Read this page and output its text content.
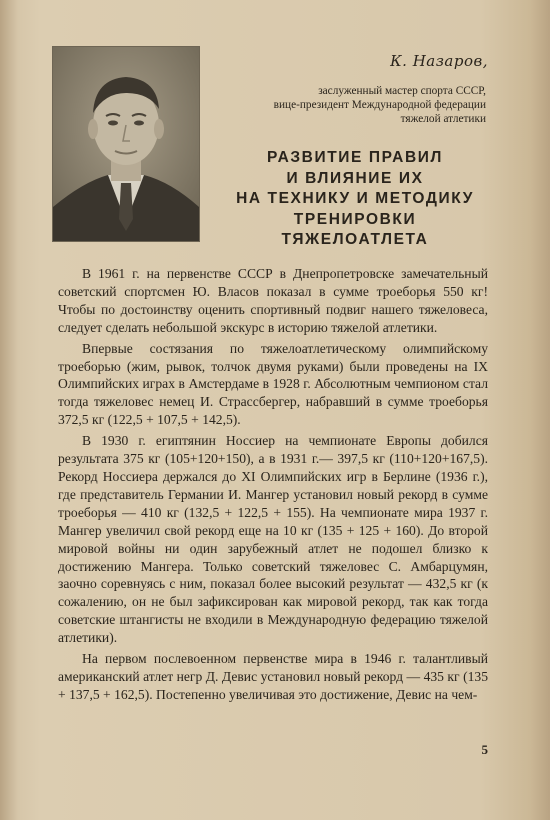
К. Назаров,
заслуженный мастер спорта СССР,
вице-президент Международной федерации
тяжелой атлетики
РАЗВИТИЕ ПРАВИЛ
И ВЛИЯНИЕ ИХ
НА ТЕХНИКУ И МЕТОДИКУ
ТРЕНИРОВКИ
ТЯЖЕЛОАТЛЕТА

В 1961 г. на первенстве СССР в Днепропетровске замечательный советский спортсмен Ю. Власов показал в сумме троеборья 550 кг! Чтобы по достоинству оценить спортивный подвиг нашего тяжеловеса, следует сделать небольшой экскурс в историю тяжелой атлетики.

Впервые состязания по тяжелоатлетическому олимпийскому троеборью (жим, рывок, толчок двумя руками) были проведены на IX Олимпийских играх в Амстердаме в 1928 г. Абсолютным чемпионом стал тогда тяжеловес немец И. Страссбергер, набравший в сумме троеборья 372,5 кг (122,5 + 107,5 + 142,5).

В 1930 г. египтянин Носсиер на чемпионате Европы добился результата 375 кг (105+120+150), а в 1931 г.— 397,5 кг (110+120+167,5). Рекорд Носсиера держался до XI Олимпийских игр в Берлине (1936 г.), где представитель Германии И. Мангер установил новый рекорд в сумме троеборья — 410 кг (132,5 + 122,5 + 155). На чемпионате мира 1937 г. Мангер увеличил свой рекорд еще на 10 кг (135 + 125 + 160). До второй мировой войны ни один зарубежный атлет не подошел близко к достижению Мангера. Только советский тяжеловес С. Амбарцумян, заочно соревнуясь с ним, показал более высокий результат — 432,5 кг (к сожалению, он не был зафиксирован как мировой рекорд, так как тогда советские штангисты не входили в Международную федерацию тяжелой атлетики).

На первом послевоенном первенстве мира в 1946 г. талантливый американский атлет негр Д. Девис установил новый рекорд — 435 кг (135 + 137,5 + 162,5). Постепенно увеличивая это достижение, Девис на чем-

5
